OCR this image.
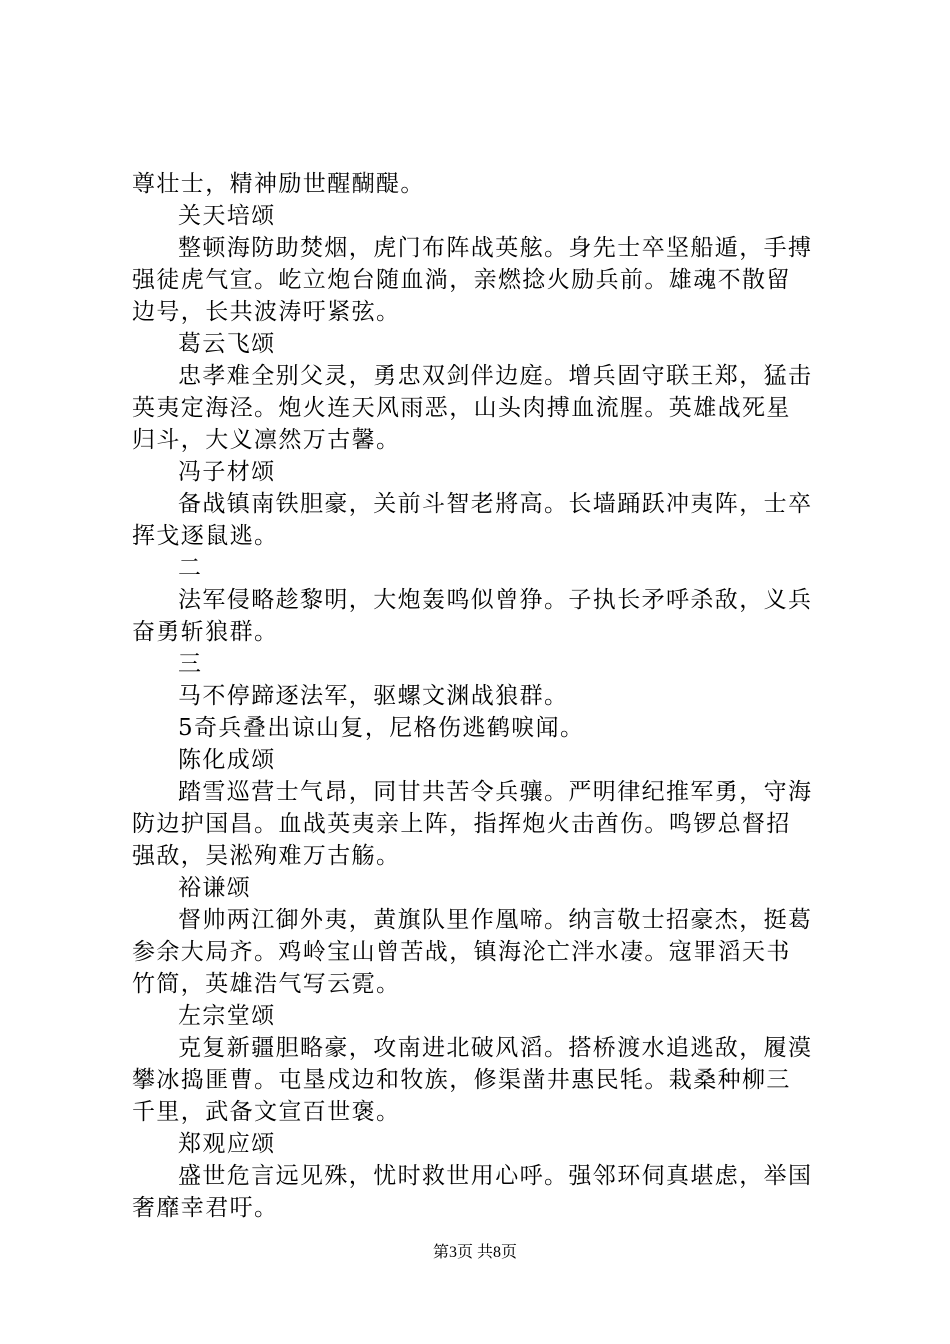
尊壮士，精神励世醒醐醍。
关天培颂
整顿海防助焚烟，虎门布阵战英舷。身先士卒坚船遁，手搏
强徒虎气宣。屹立炮台随血淌，亲燃捻火励兵前。雄魂不散留
边号，长共波涛吁紧弦。
葛云飞颂
忠孝难全别父灵，勇忠双剑伴边庭。增兵固守联王郑，猛击
英夷定海泾。炮火连天风雨恶，山头肉搏血流腥。英雄战死星
归斗，大义凛然万古馨。
冯子材颂
备战镇南铁胆豪，关前斗智老將高。长墙踊跃冲夷阵，士卒
挥戈逐鼠逃。
二
法军侵略趁黎明，大炮轰鸣似曾狰。子执长矛呼杀敌，义兵
奋勇斩狼群。
三
马不停蹄逐法军，驱螺文渊战狼群。
5奇兵叠出谅山复，尼格伤逃鹤唳闻。
陈化成颂
踏雪巡营士气昂，同甘共苦令兵骧。严明律纪推军勇，守海
防边护国昌。血战英夷亲上阵，指挥炮火击酋伤。鸣锣总督招
强敌，吴淞殉难万古觞。
裕谦颂
督帅两江御外夷，黄旗队里作凰啼。纳言敬士招豪杰，挺葛
参余大局齐。鸡岭宝山曾苦战，镇海沦亡泮水凄。寇罪滔天书
竹简，英雄浩气写云霓。
左宗堂颂
克复新疆胆略豪，攻南进北破风滔。搭桥渡水追逃敌，履漠
攀冰捣匪曹。屯垦戍边和牧族，修渠凿井惠民牦。栽桑种柳三
千里，武备文宣百世褒。
郑观应颂
盛世危言远见殊，忧时救世用心呼。强邻环伺真堪虑，举国
奢靡幸君吁。
第3页 共8页
